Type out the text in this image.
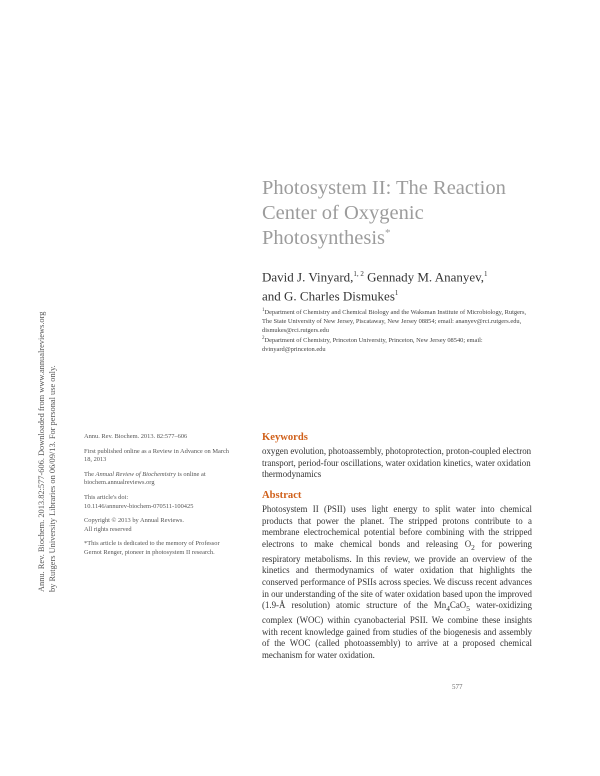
Annu. Rev. Biochem. 2013.82:577-606. Downloaded from www.annualreviews.org by Rutgers University Libraries on 06/09/13. For personal use only.
Photosystem II: The Reaction
Center of Oxygenic
Photosynthesis*
David J. Vinyard,$^{1, 2}$ Gennady M. Ananyev,$^1$
and G. Charles Dismukes$^1$
$^1$Department of Chemistry and Chemical Biology and the Waksman Institute of Microbiology, Rutgers, The State University of New Jersey, Piscataway, New Jersey 08854; email: ananyev@rci.rutgers.edu, dismukes@rci.rutgers.edu
$^2$Department of Chemistry, Princeton University, Princeton, New Jersey 08540; email: dvinyard@princeton.edu

Annu. Rev. Biochem. 2013. 82:577–606

First published online as a Review in Advance on March 18, 2013

The Annual Review of Biochemistry is online at biochem.annualreviews.org

This article's doi:
10.1146/annurev-biochem-070511-100425

Copyright © 2013 by Annual Reviews.
All rights reserved

*This article is dedicated to the memory of Professor Gernot Renger, pioneer in photosystem II research.

Keywords
oxygen evolution, photoassembly, photoprotection, proton-coupled electron transport, period-four oscillations, water oxidation kinetics, water oxidation thermodynamics
Abstract

Photosystem II (PSII) uses light energy to split water into chemical products that power the planet. The stripped protons contribute to a membrane electrochemical potential before combining with the stripped electrons to make chemical bonds and releasing $O_2$ for powering respiratory metabolisms. In this review, we provide an overview of the kinetics and thermodynamics of water oxidation that highlights the conserved performance of PSIIs across species. We discuss recent advances in our understanding of the site of water oxidation based upon the improved (1.9-Å resolution) atomic structure of the $Mn_4CaO_5$ water-oxidizing complex (WOC) within cyanobacterial PSII. We combine these insights with recent knowledge gained from studies of the biogenesis and assembly of the WOC (called photoassembly) to arrive at a proposed chemical mechanism for water oxidation.

577
